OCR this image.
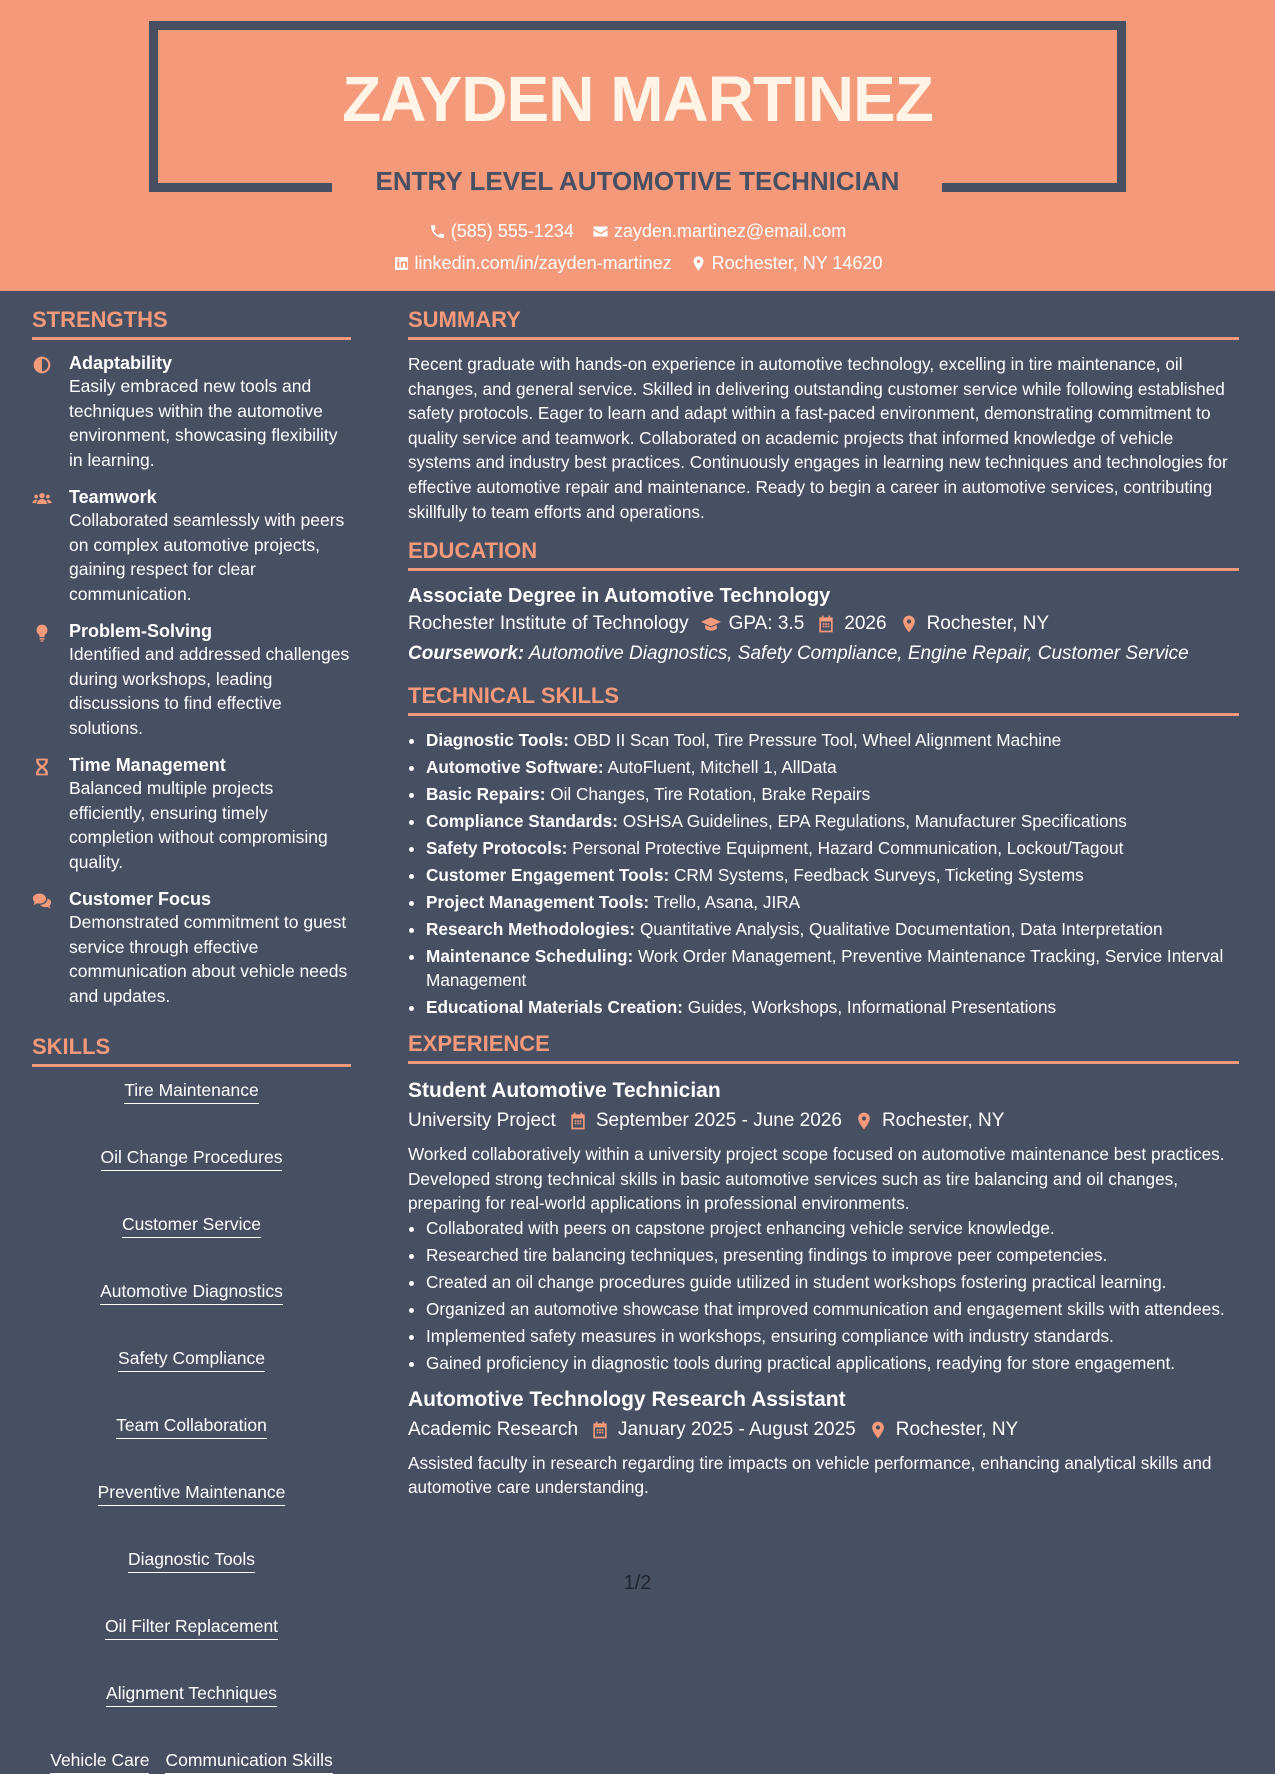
ZAYDEN MARTINEZ
ENTRY LEVEL AUTOMOTIVE TECHNICIAN
(585) 555-1234 zayden.martinez@email.com
linkedin.com/in/zayden-martinez Rochester, NY 14620
STRENGTHS
Adaptability
Easily embraced new tools and techniques within the automotive environment, showcasing flexibility in learning.
Teamwork
Collaborated seamlessly with peers on complex automotive projects, gaining respect for clear communication.
Problem-Solving
Identified and addressed challenges during workshops, leading discussions to find effective solutions.
Time Management
Balanced multiple projects efficiently, ensuring timely completion without compromising quality.
Customer Focus
Demonstrated commitment to guest service through effective communication about vehicle needs and updates.
SKILLS
Tire Maintenance
Oil Change Procedures
Customer Service
Automotive Diagnostics
Safety Compliance
Team Collaboration
Preventive Maintenance
Diagnostic Tools
Oil Filter Replacement
Alignment Techniques
Vehicle Care Communication Skills
SUMMARY
Recent graduate with hands-on experience in automotive technology, excelling in tire maintenance, oil changes, and general service. Skilled in delivering outstanding customer service while following established safety protocols. Eager to learn and adapt within a fast-paced environment, demonstrating commitment to quality service and teamwork. Collaborated on academic projects that informed knowledge of vehicle systems and industry best practices. Continuously engages in learning new techniques and technologies for effective automotive repair and maintenance. Ready to begin a career in automotive services, contributing skillfully to team efforts and operations.
EDUCATION
Associate Degree in Automotive Technology
Rochester Institute of Technology GPA: 3.5 2026 Rochester, NY
Coursework: Automotive Diagnostics, Safety Compliance, Engine Repair, Customer Service
TECHNICAL SKILLS
• Diagnostic Tools: OBD II Scan Tool, Tire Pressure Tool, Wheel Alignment Machine
• Automotive Software: AutoFluent, Mitchell 1, AllData
• Basic Repairs: Oil Changes, Tire Rotation, Brake Repairs
• Compliance Standards: OSHSA Guidelines, EPA Regulations, Manufacturer Specifications
• Safety Protocols: Personal Protective Equipment, Hazard Communication, Lockout/Tagout
• Customer Engagement Tools: CRM Systems, Feedback Surveys, Ticketing Systems
• Project Management Tools: Trello, Asana, JIRA
• Research Methodologies: Quantitative Analysis, Qualitative Documentation, Data Interpretation
• Maintenance Scheduling: Work Order Management, Preventive Maintenance Tracking, Service Interval Management
• Educational Materials Creation: Guides, Workshops, Informational Presentations
EXPERIENCE
Student Automotive Technician
University Project September 2025 - June 2026 Rochester, NY
Worked collaboratively within a university project scope focused on automotive maintenance best practices. Developed strong technical skills in basic automotive services such as tire balancing and oil changes, preparing for real-world applications in professional environments.
• Collaborated with peers on capstone project enhancing vehicle service knowledge.
• Researched tire balancing techniques, presenting findings to improve peer competencies.
• Created an oil change procedures guide utilized in student workshops fostering practical learning.
• Organized an automotive showcase that improved communication and engagement skills with attendees.
• Implemented safety measures in workshops, ensuring compliance with industry standards.
• Gained proficiency in diagnostic tools during practical applications, readying for store engagement.
Automotive Technology Research Assistant
Academic Research January 2025 - August 2025 Rochester, NY
Assisted faculty in research regarding tire impacts on vehicle performance, enhancing analytical skills and automotive care understanding.
1/2
